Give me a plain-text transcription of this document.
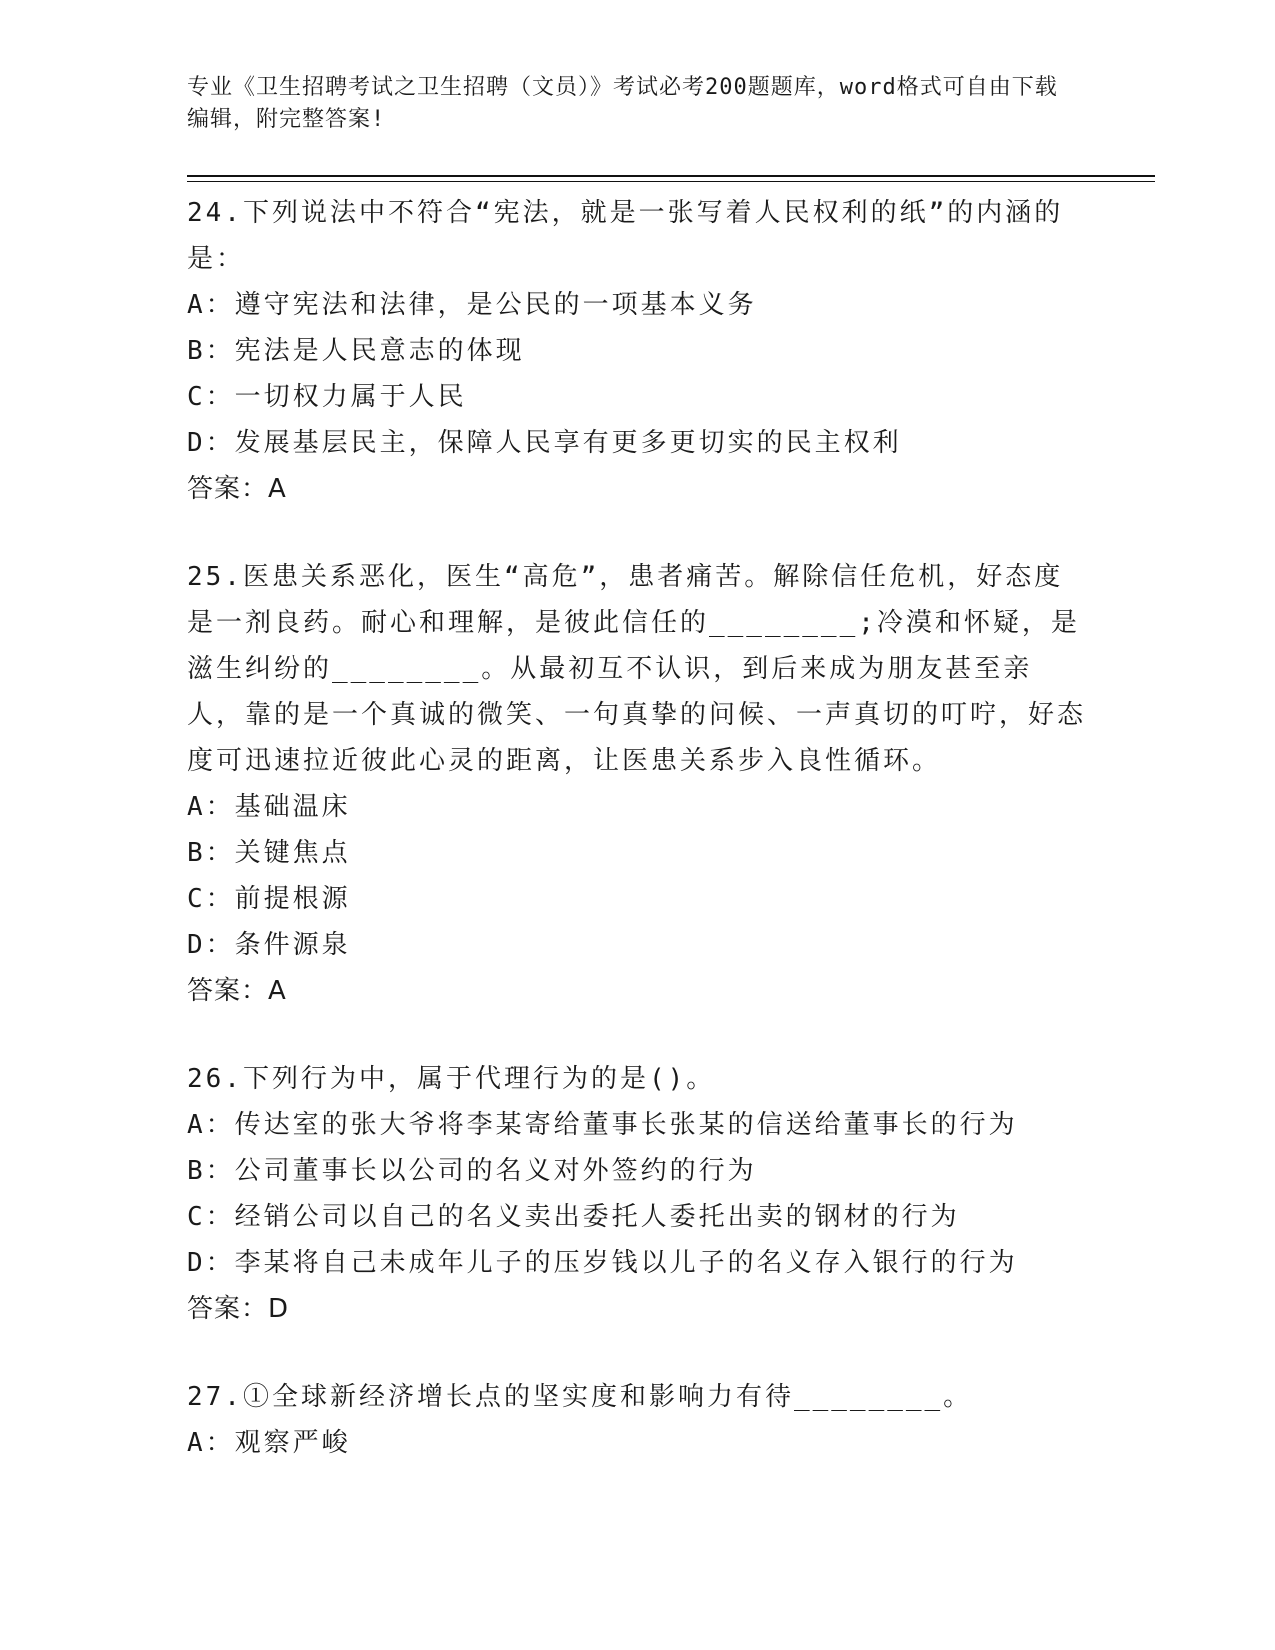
专业《卫生招聘考试之卫生招聘（文员）》考试必考200题题库，word格式可自由下载编辑，附完整答案!

24.下列说法中不符合“宪法，就是一张写着人民权利的纸”的内涵的是：

A：遵守宪法和法律，是公民的一项基本义务

B：宪法是人民意志的体现

C：一切权力属于人民

D：发展基层民主，保障人民享有更多更切实的民主权利

答案：A

25.医患关系恶化，医生“高危”，患者痛苦。解除信任危机，好态度是一剂良药。耐心和理解，是彼此信任的________;冷漠和怀疑，是滋生纠纷的________。从最初互不认识，到后来成为朋友甚至亲人，靠的是一个真诚的微笑、一句真挚的问候、一声真切的叮咛，好态度可迅速拉近彼此心灵的距离，让医患关系步入良性循环。

A：基础温床

B：关键焦点

C：前提根源

D：条件源泉

答案：A

26.下列行为中，属于代理行为的是()。

A：传达室的张大爷将李某寄给董事长张某的信送给董事长的行为

B：公司董事长以公司的名义对外签约的行为

C：经销公司以自己的名义卖出委托人委托出卖的钢材的行为

D：李某将自己未成年儿子的压岁钱以儿子的名义存入银行的行为

答案：D

27.①全球新经济增长点的坚实度和影响力有待________。

A：观察严峻
